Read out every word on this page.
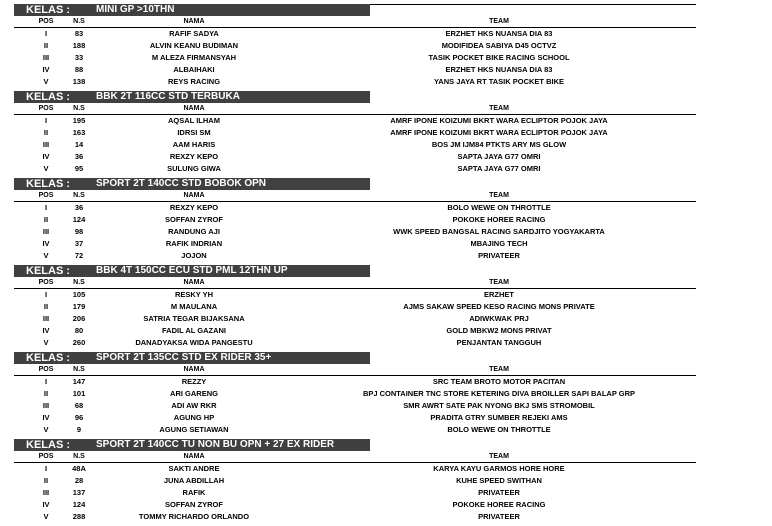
KELAS :	MINI GP >10THN
POS	N.S	NAMA	TEAM
I	83	RAFIF SADYA	ERZHET HKS NUANSA DIA 83
II	188	ALVIN KEANU BUDIMAN	MODIFIDEA SABIYA D45 OCTVZ
III	33	M ALEZA FIRMANSYAH	TASIK POCKET BIKE RACING SCHOOL
IV	88	ALBAIHAKI	ERZHET HKS NUANSA DIA 83
V	138	REYS RACING	YANS JAYA RT TASIK POCKET BIKE
KELAS :	BBK 2T 116CC STD TERBUKA
POS	N.S	NAMA	TEAM
I	195	AQSAL ILHAM	AMRF IPONE KOIZUMI BKRT WARA ECLIPTOR POJOK JAYA
II	163	IDRSI SM	AMRF IPONE KOIZUMI BKRT WARA ECLIPTOR POJOK JAYA
III	14	AAM HARIS	BOS JM IJM84 PTKTS ARY MS GLOW
IV	36	REXZY KEPO	SAPTA JAYA G77 OMRI
V	95	SULUNG GIWA	SAPTA JAYA G77 OMRI
KELAS :	SPORT 2T 140CC STD BOBOK OPN
POS	N.S	NAMA	TEAM
I	36	REXZY KEPO	BOLO WEWE ON THROTTLE
II	124	SOFFAN ZYROF	POKOKE HOREE RACING
III	98	RANDUNG AJI	WWK SPEED BANGSAL RACING SARDJITO YOGYAKARTA
IV	37	RAFIK INDRIAN	MBAJING TECH
V	72	JOJON	PRIVATEER
KELAS :	BBK 4T 150CC ECU STD PML 12THN UP
POS	N.S	NAMA	TEAM
I	105	RESKY YH	ERZHET
II	179	M MAULANA	AJMS SAKAW SPEED KESO RACING MONS PRIVATE
III	206	SATRIA TEGAR BIJAKSANA	ADIWKWAK PRJ
IV	80	FADIL AL GAZANI	GOLD MBKW2 MONS PRIVAT
V	260	DANADYAKSA WIDA PANGESTU	PENJANTAN TANGGUH
KELAS :	SPORT 2T 135CC STD EX RIDER 35+
POS	N.S	NAMA	TEAM
I	147	REZZY	SRC TEAM BROTO MOTOR PACITAN
II	101	ARI GARENG	BPJ CONTAINER TNC STORE KETERING DIVA BROILLER SAPI BALAP GRP
III	68	ADI AW RKR	SMR AWRT SATE PAK NYONG BKJ SMS STROMOBIL
IV	96	AGUNG HP	PRADITA GTRY SUMBER REJEKI AMS
V	9	AGUNG SETIAWAN	BOLO WEWE ON THROTTLE
KELAS :	SPORT 2T 140CC TU NON BU OPN + 27 EX RIDER
POS	N.S	NAMA	TEAM
I	48A	SAKTI ANDRE	KARYA KAYU GARMOS HORE HORE
II	28	JUNA ABDILLAH	KUHE SPEED SWITHAN
III	137	RAFIK	PRIVATEER
IV	124	SOFFAN ZYROF	POKOKE HOREE RACING
V	288	TOMMY RICHARDO ORLANDO	PRIVATEER
